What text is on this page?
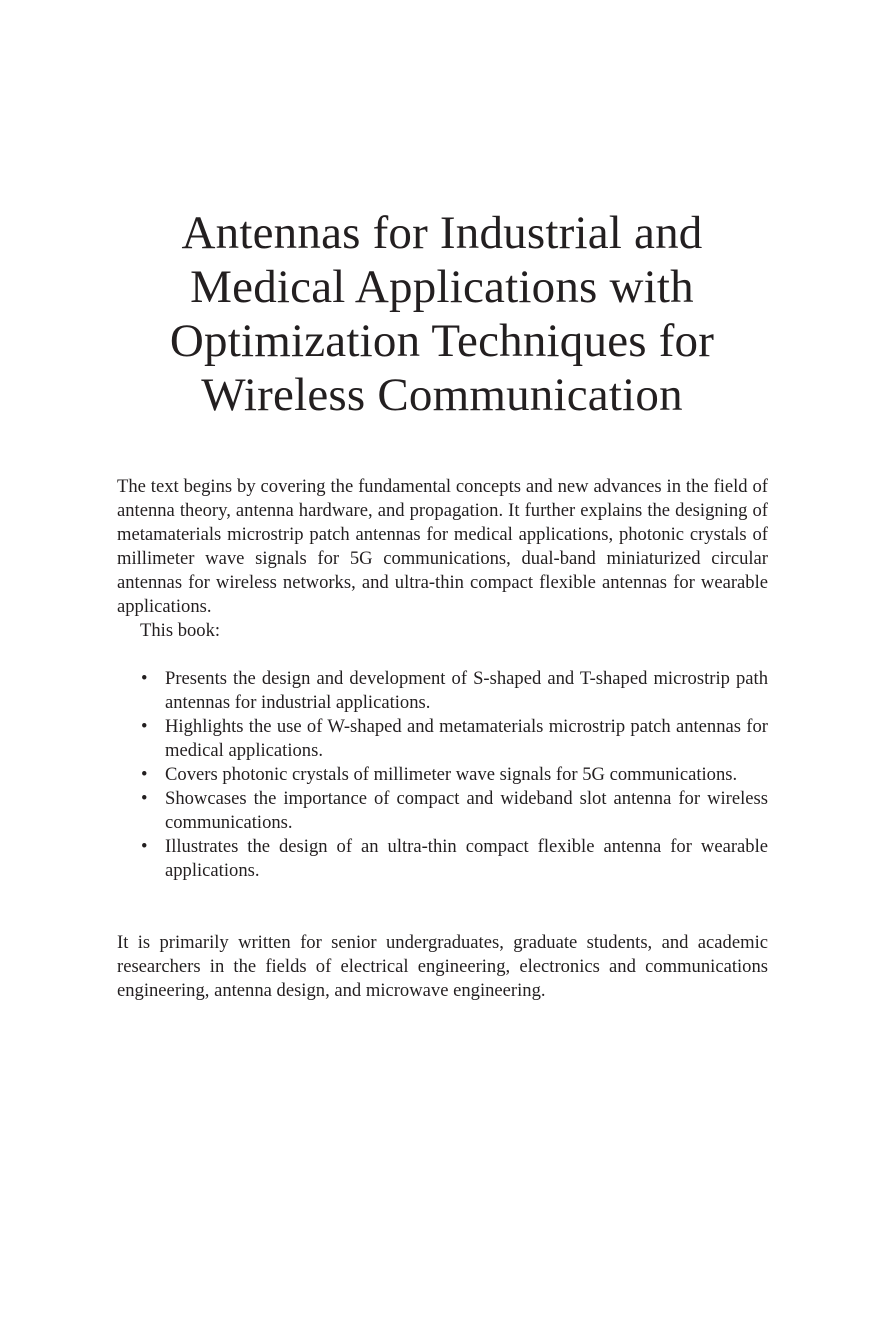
Antennas for Industrial and
Medical Applications with
Optimization Techniques for
Wireless Communication

The text begins by covering the fundamental concepts and new advances in the field of antenna theory, antenna hardware, and propagation. It further explains the designing of metamaterials microstrip patch antennas for medical applications, photonic crystals of millimeter wave signals for 5G communications, dual-band miniaturized circular antennas for wireless networks, and ultra-thin compact flexible antennas for wearable applications.

This book:

• Presents the design and development of S-shaped and T-shaped microstrip path antennas for industrial applications.
• Highlights the use of W-shaped and metamaterials microstrip patch antennas for medical applications.
• Covers photonic crystals of millimeter wave signals for 5G communications.
• Showcases the importance of compact and wideband slot antenna for wireless communications.
• Illustrates the design of an ultra-thin compact flexible antenna for wearable applications.

It is primarily written for senior undergraduates, graduate students, and academic researchers in the fields of electrical engineering, electronics and communications engineering, antenna design, and microwave engineering.
